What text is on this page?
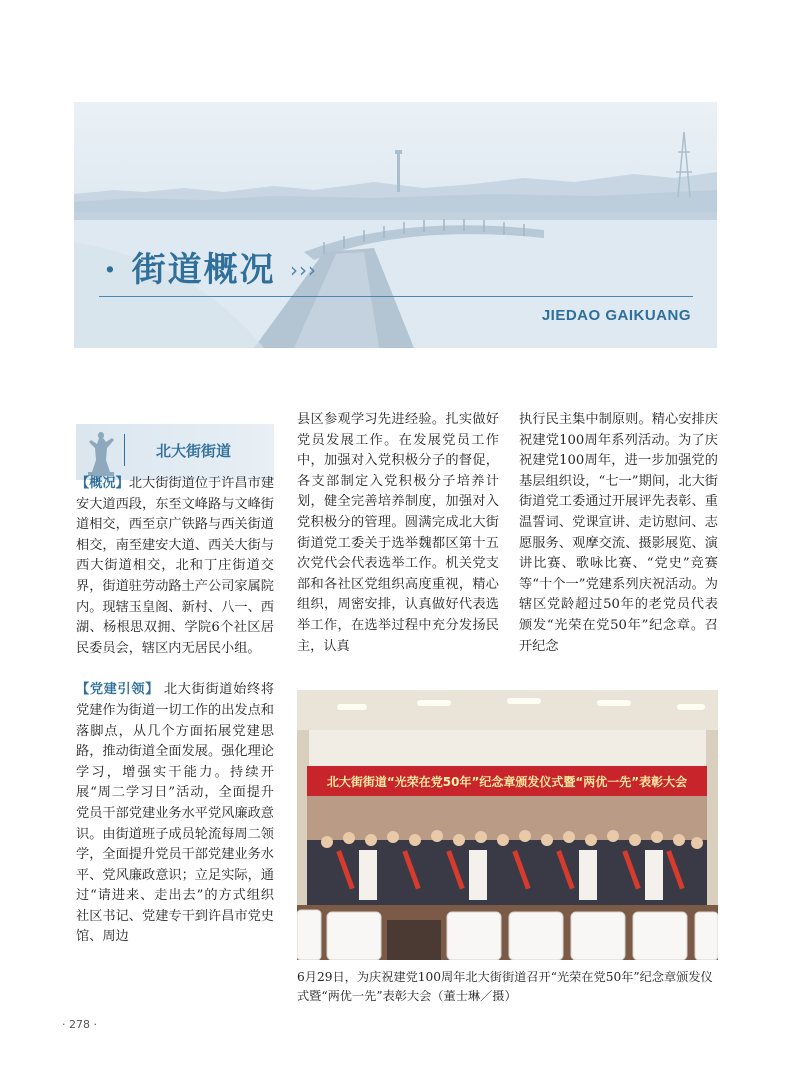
· 街道概况 ›››
JIEDAO GAIKUANG
北大街街道

【概况】北大街街道位于许昌市建安大道西段，东至文峰路与文峰街道相交，西至京广铁路与西关街道相交，南至建安大道、西关大街与西大街道相交，北和丁庄街道交界，街道驻劳动路土产公司家属院内。现辖玉皇阁、新村、八一、西湖、杨根思双拥、学院6个社区居民委员会，辖区内无居民小组。

【党建引领】 北大街街道始终将党建作为街道一切工作的出发点和落脚点，从几个方面拓展党建思路，推动街道全面发展。强化理论学习，增强实干能力。持续开展“周二学习日”活动，全面提升党员干部党建业务水平党风廉政意识。由街道班子成员轮流每周二领学，全面提升党员干部党建业务水平、党风廉政意识；立足实际，通过“请进来、走出去”的方式组织社区书记、党建专干到许昌市党史馆、周边

县区参观学习先进经验。扎实做好党员发展工作。在发展党员工作中，加强对入党积极分子的督促，各支部制定入党积极分子培养计划，健全完善培养制度，加强对入党积极分的管理。圆满完成北大街街道党工委关于选举魏都区第十五次党代会代表选举工作。机关党支部和各社区党组织高度重视，精心组织，周密安排，认真做好代表选举工作，在选举过程中充分发扬民主，认真

执行民主集中制原则。精心安排庆祝建党100周年系列活动。为了庆祝建党100周年，进一步加强党的基层组织设，“七一”期间，北大街街道党工委通过开展评先表彰、重温誓词、党课宣讲、走访慰问、志愿服务、观摩交流、摄影展览、演讲比赛、歌咏比赛、“党史”竞赛等“十个一”党建系列庆祝活动。为辖区党龄超过50年的老党员代表颁发“光荣在党50年”纪念章。召开纪念

北大街街道“光荣在党50年”纪念章颁发仪式暨“两优一先”表彰大会
6月29日，为庆祝建党100周年北大街街道召开“光荣在党50年”纪念章颁发仪式暨“两优一先”表彰大会（董士琳／摄）
· 278 ·
